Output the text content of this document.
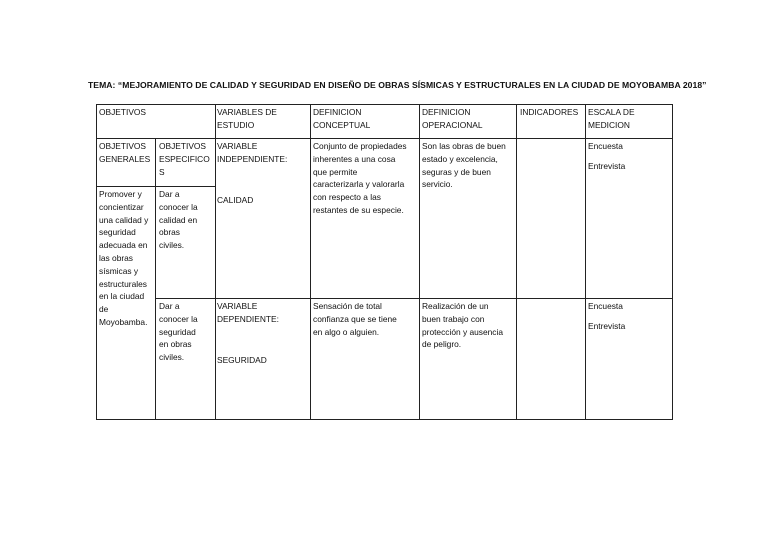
TEMA: “MEJORAMIENTO DE CALIDAD Y SEGURIDAD EN DISEÑO DE OBRAS SÍSMICAS Y ESTRUCTURALES EN LA CIUDAD DE MOYOBAMBA 2018”
OBJETIVOS	VARIABLES DE
ESTUDIO
DEFINICION
CONCEPTUAL
DEFINICION
OPERACIONAL
INDICADORES ESCALA DE
MEDICION
OBJETIVOS
GENERALES
OBJETIVOS
ESPECIFICO
S
Promover y
concientizar
una calidad y
seguridad
adecuada en
las obras
sísmicas y
estructurales
en la ciudad
de
Moyobamba.
Dar a
conocer la
calidad en
obras
civiles.
VARIABLE
INDEPENDIENTE:
CALIDAD
Conjunto de propiedades
inherentes a una cosa
que permite
caracterizarla y valorarla
con respecto a las
restantes de su especie.
Son las obras de buen
estado y excelencia,
seguras y de buen
servicio.
Encuesta
Entrevista
Dar a
conocer la
seguridad
en obras
civiles.
VARIABLE
DEPENDIENTE:
SEGURIDAD
Sensación de total
confianza que se tiene
en algo o alguien.
Realización de un
buen trabajo con
protección y ausencia
de peligro.
Encuesta
Entrevista
